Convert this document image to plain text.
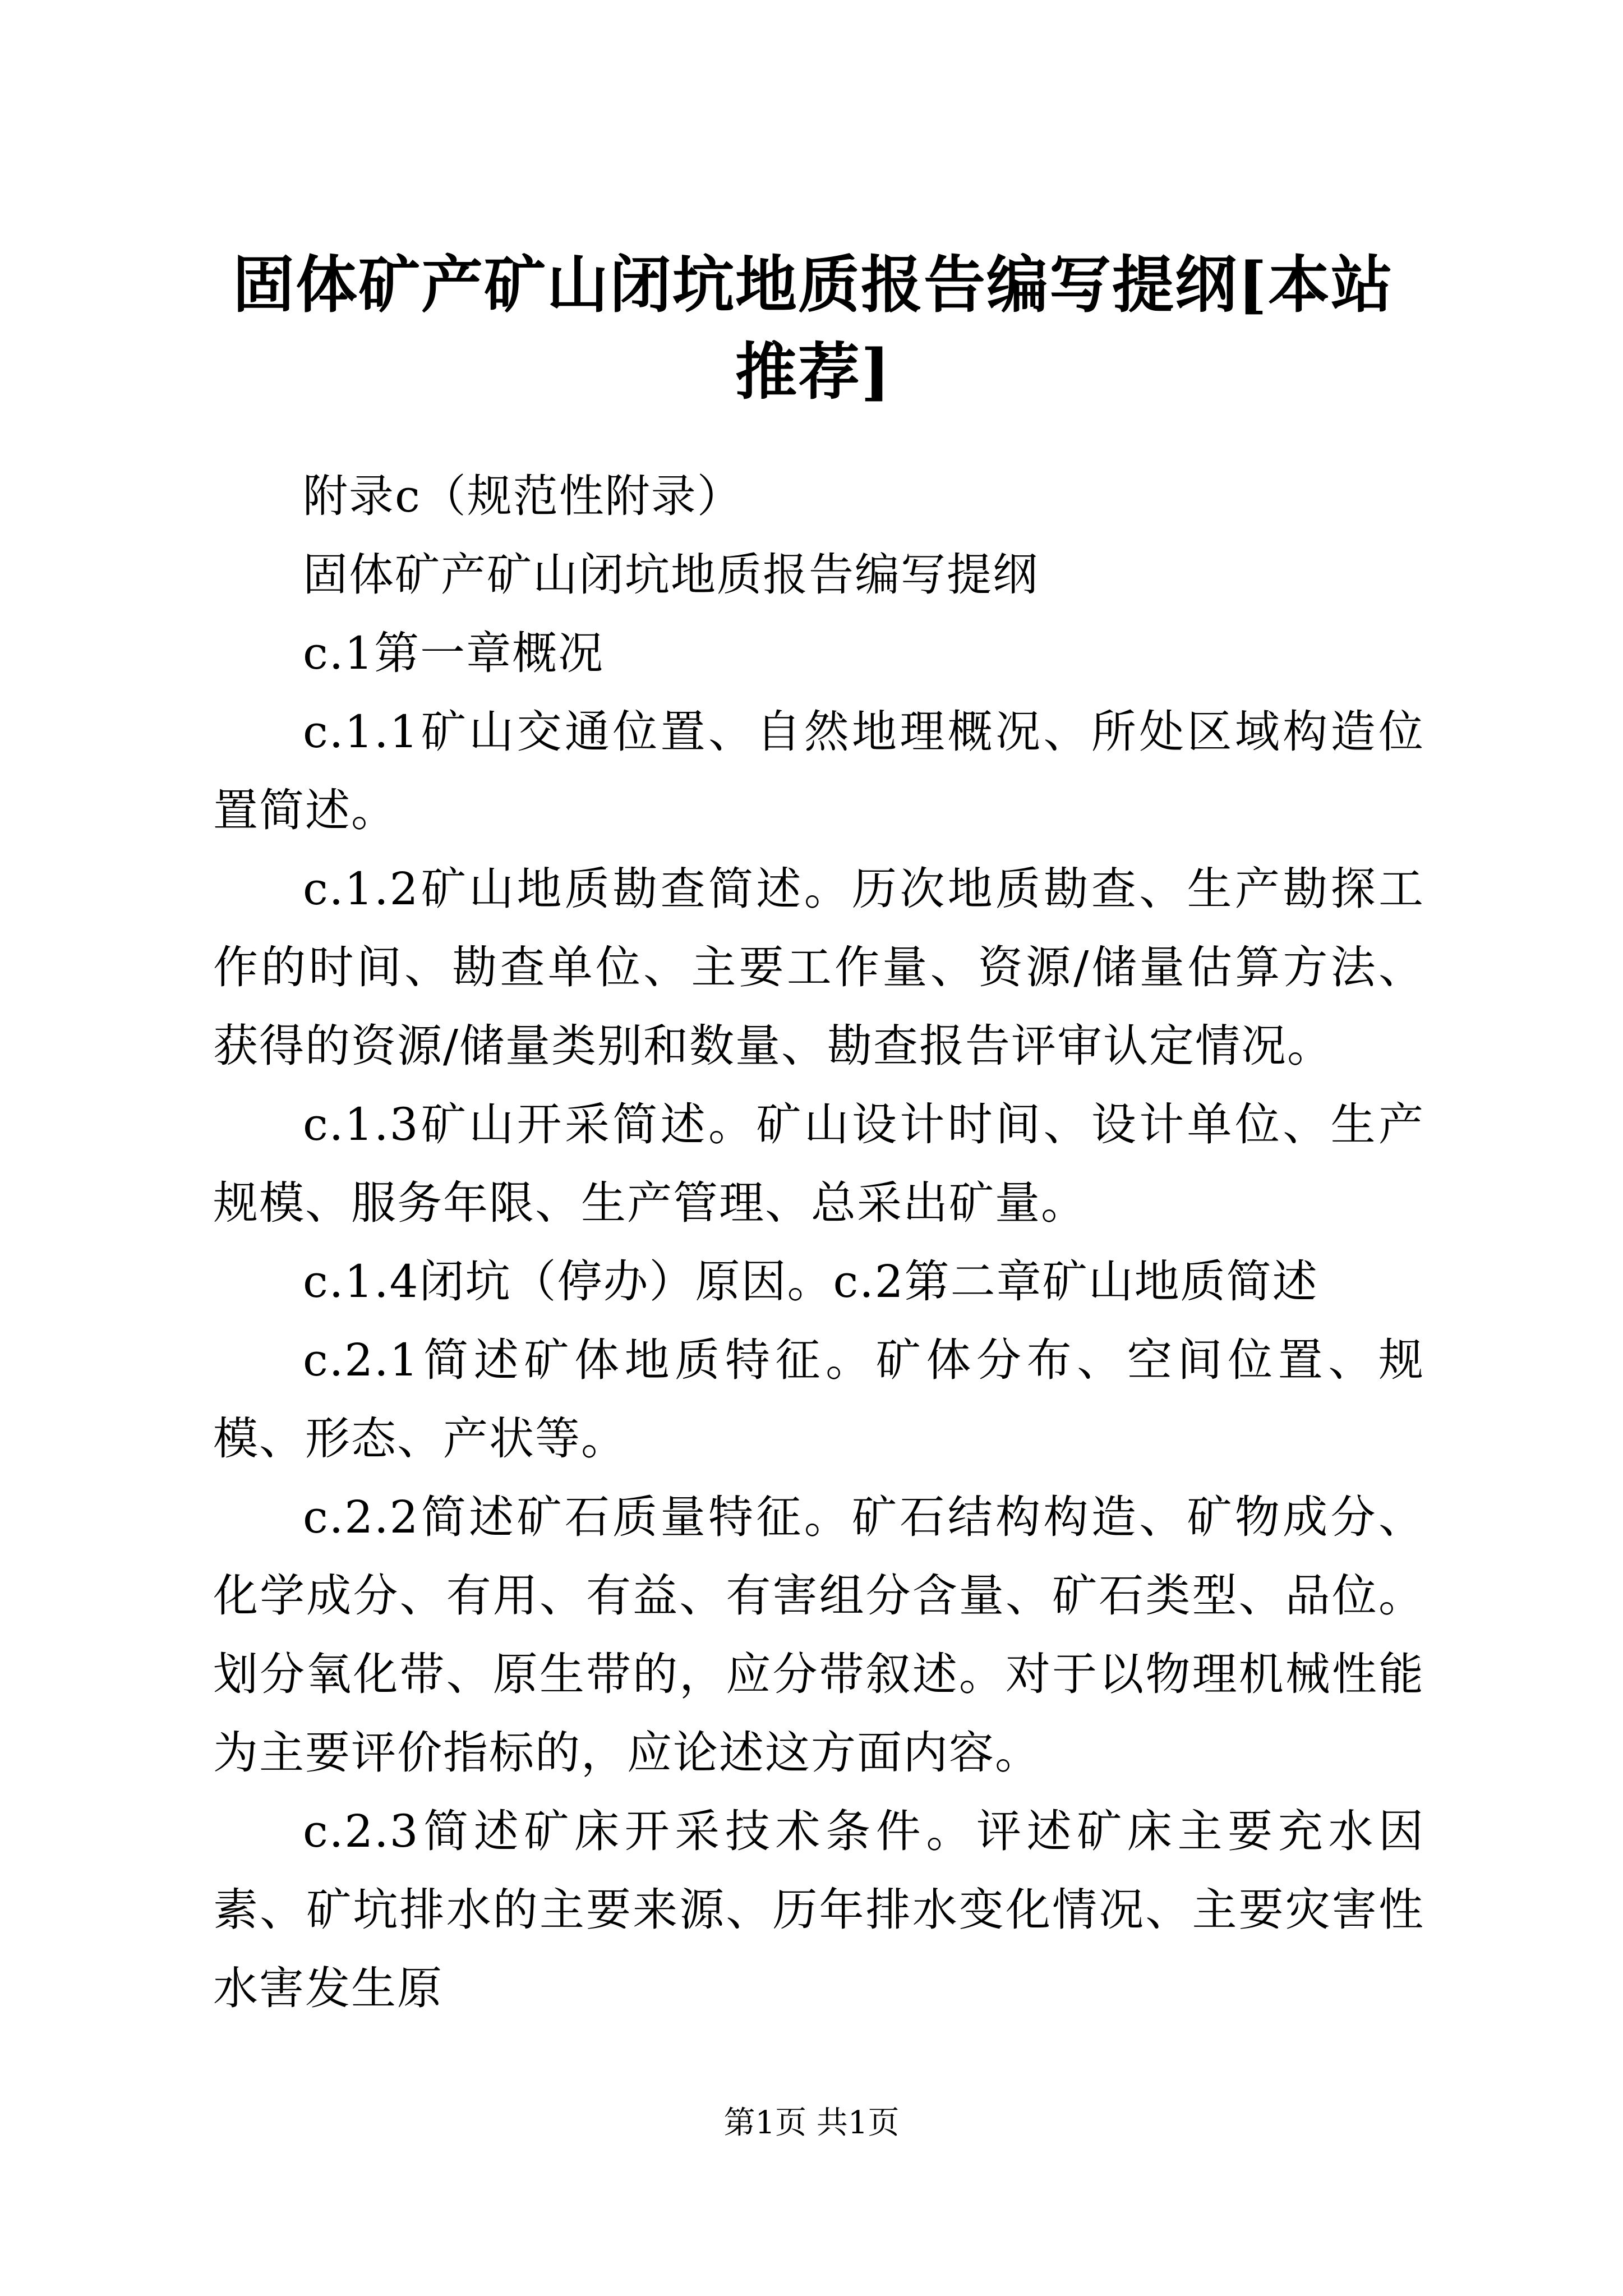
固体矿产矿山闭坑地质报告编写提纲[本站推荐]

附录c（规范性附录）

固体矿产矿山闭坑地质报告编写提纲

c.1第一章概况

c.1.1矿山交通位置、自然地理概况、所处区域构造位置简述。

c.1.2矿山地质勘查简述。历次地质勘查、生产勘探工作的时间、勘查单位、主要工作量、资源/储量估算方法、获得的资源/储量类别和数量、勘查报告评审认定情况。

c.1.3矿山开采简述。矿山设计时间、设计单位、生产规模、服务年限、生产管理、总采出矿量。

c.1.4闭坑（停办）原因。c.2第二章矿山地质简述

c.2.1简述矿体地质特征。矿体分布、空间位置、规模、形态、产状等。

c.2.2简述矿石质量特征。矿石结构构造、矿物成分、化学成分、有用、有益、有害组分含量、矿石类型、品位。划分氧化带、原生带的，应分带叙述。对于以物理机械性能为主要评价指标的，应论述这方面内容。

c.2.3简述矿床开采技术条件。评述矿床主要充水因素、矿坑排水的主要来源、历年排水变化情况、主要灾害性水害发生原

第1页 共1页
